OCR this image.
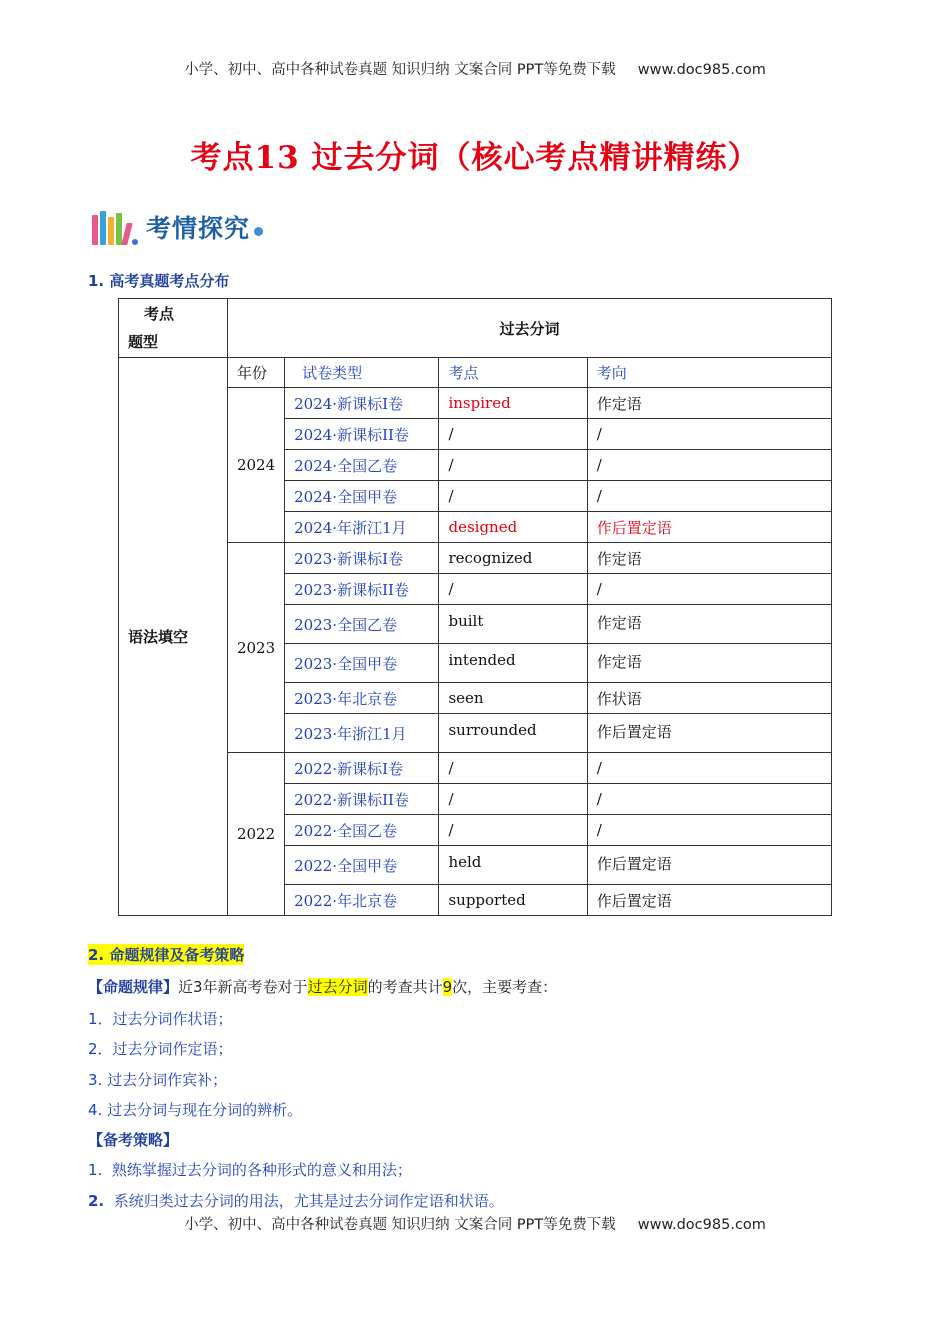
小学、初中、高中各种试卷真题 知识归纳 文案合同 PPT等免费下载 www.doc985.com
考点13 过去分词（核心考点精讲精练）
考情探究
1. 高考真题考点分布
考点
题型	过去分词			
语法填空	年份	试卷类型	考点	考向
	2024	2024·新课标I卷	inspired	作定语
		2024·新课标II卷	/	/
		2024·全国乙卷	/	/
		2024·全国甲卷	/	/
		2024·年浙江1月	designed	作后置定语
	2023	2023·新课标I卷	recognized	作定语
		2023·新课标II卷	/	/
		2023·全国乙卷	built	作定语
		2023·全国甲卷	intended	作定语
		2023·年北京卷	seen	作状语
		2023·年浙江1月	surrounded	作后置定语
	2022	2022·新课标I卷	/	/
		2022·新课标II卷	/	/
		2022·全国乙卷	/	/
		2022·全国甲卷	held	作后置定语
		2022·年北京卷	supported	作后置定语
2. 命题规律及备考策略
【命题规律】近3年新高考卷对于过去分词的考查共计9次，主要考查：
1．过去分词作状语；
2．过去分词作定语；
3. 过去分词作宾补；
4. 过去分词与现在分词的辨析。
【备考策略】
1. 熟练掌握过去分词的各种形式的意义和用法；
2. 系统归类过去分词的用法，尤其是过去分词作定语和状语。
小学、初中、高中各种试卷真题 知识归纳 文案合同 PPT等免费下载 www.doc985.com
